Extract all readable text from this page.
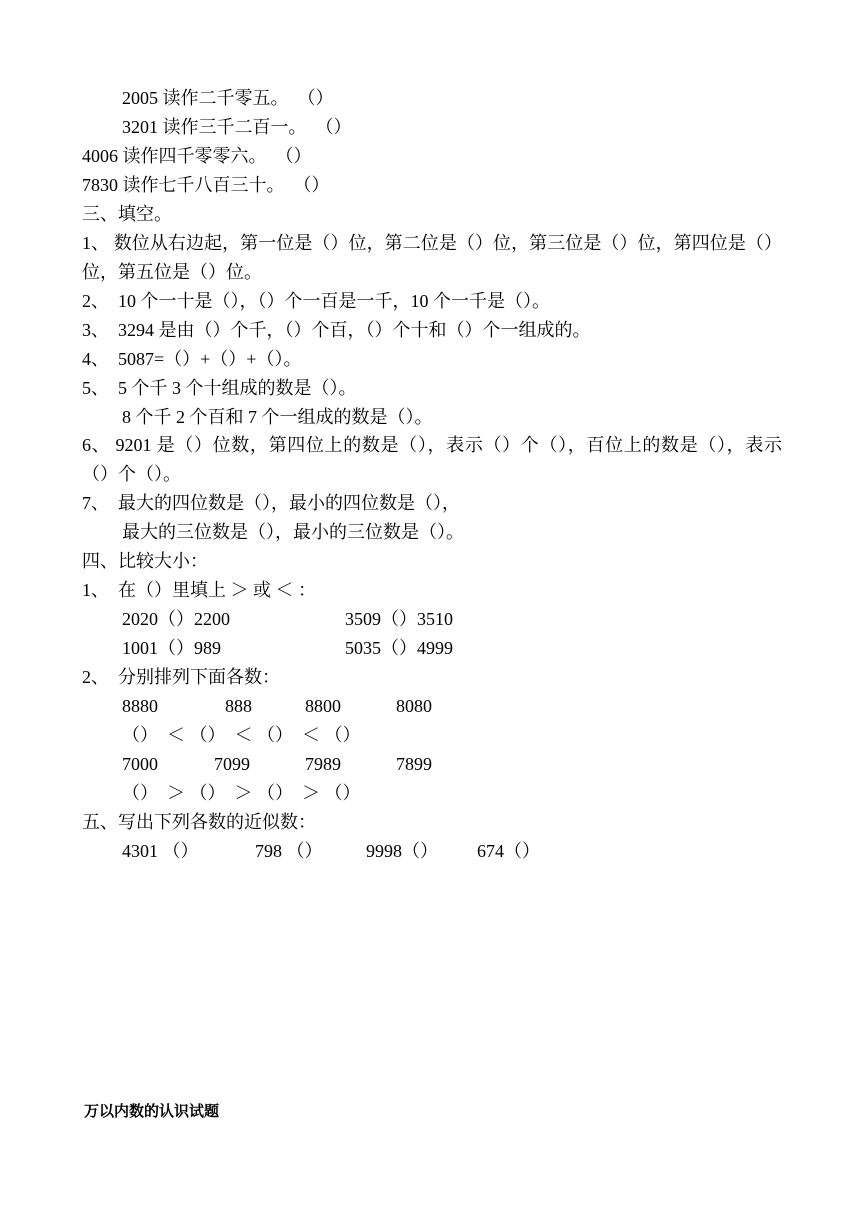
2005 读作二千零五。  （）
3201 读作三千二百一。  （）
4006 读作四千零零六。  （）
7830 读作七千八百三十。  （）
三、填空。
1、 数位从右边起，第一位是（）位，第二位是（）位，第三位是（）位，第四位是（）位，第五位是（）位。
2、  10 个一十是（），（）个一百是一千，10 个一千是（）。
3、  3294 是由（）个千，（）个百，（）个十和（）个一组成的。
4、  5087=（）+（）+（）。
5、  5 个千 3 个十组成的数是（）。
8 个千 2 个百和 7 个一组成的数是（）。
6、 9201 是（）位数，第四位上的数是（），表示（）个（），百位上的数是（），表示（）个（）。
7、  最大的四位数是（），最小的四位数是（），
最大的三位数是（），最小的三位数是（）。
四、比较大小：
1、  在（）里填上 ＞ 或 ＜ ：
2020（）2200	3509（）3510
1001（）989	5035（）4999
2、  分别排列下面各数：
8880	888	8800	8080
（）  ＜ （）  ＜ （）  ＜ （）
7000	7099	7989	7899
（）  ＞ （）  ＞ （）  ＞ （）
五、写出下列各数的近似数：
4301 （）	798 （） 9998（） 674（）
万以内数的认识试题
